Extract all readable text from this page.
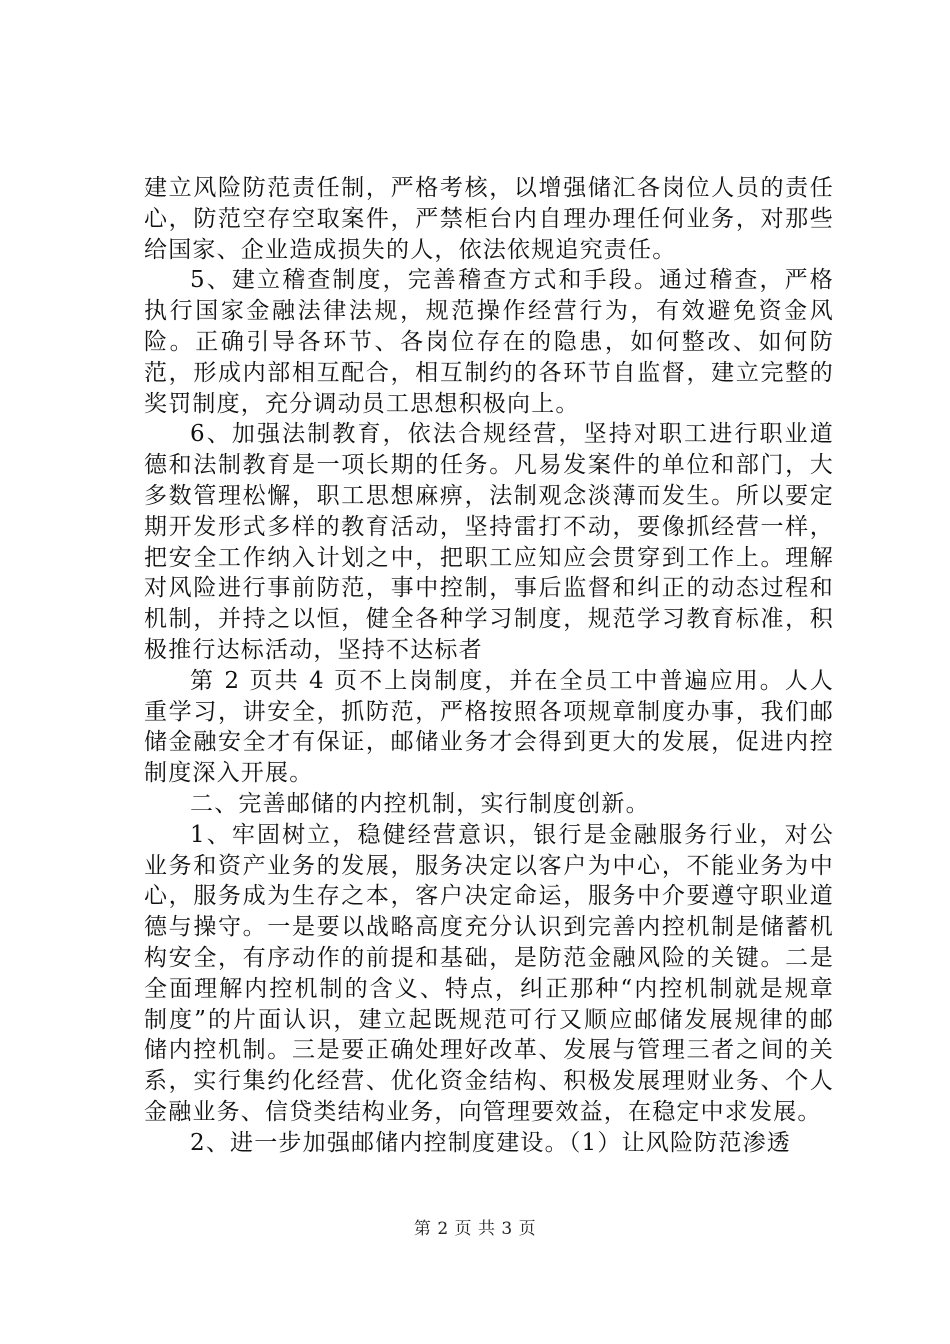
建立风险防范责任制，严格考核，以增强储汇各岗位人员的责任心，防范空存空取案件，严禁柜台内自理办理任何业务，对那些给国家、企业造成损失的人，依法依规追究责任。

5、建立稽查制度，完善稽查方式和手段。通过稽查，严格执行国家金融法律法规，规范操作经营行为，有效避免资金风险。正确引导各环节、各岗位存在的隐患，如何整改、如何防范，形成内部相互配合，相互制约的各环节自监督，建立完整的奖罚制度，充分调动员工思想积极向上。

6、加强法制教育，依法合规经营，坚持对职工进行职业道德和法制教育是一项长期的任务。凡易发案件的单位和部门，大多数管理松懈，职工思想麻痹，法制观念淡薄而发生。所以要定期开发形式多样的教育活动，坚持雷打不动，要像抓经营一样，把安全工作纳入计划之中，把职工应知应会贯穿到工作上。理解对风险进行事前防范，事中控制，事后监督和纠正的动态过程和机制，并持之以恒，健全各种学习制度，规范学习教育标准，积极推行达标活动，坚持不达标者

第 2 页共 4 页不上岗制度，并在全员工中普遍应用。人人重学习，讲安全，抓防范，严格按照各项规章制度办事，我们邮储金融安全才有保证，邮储业务才会得到更大的发展，促进内控制度深入开展。

二、完善邮储的内控机制，实行制度创新。

1、牢固树立，稳健经营意识，银行是金融服务行业，对公业务和资产业务的发展，服务决定以客户为中心，不能业务为中心，服务成为生存之本，客户决定命运，服务中介要遵守职业道德与操守。一是要以战略高度充分认识到完善内控机制是储蓄机构安全，有序动作的前提和基础，是防范金融风险的关键。二是全面理解内控机制的含义、特点，纠正那种“内控机制就是规章制度”的片面认识，建立起既规范可行又顺应邮储发展规律的邮储内控机制。三是要正确处理好改革、发展与管理三者之间的关系，实行集约化经营、优化资金结构、积极发展理财业务、个人金融业务、信贷类结构业务，向管理要效益，在稳定中求发展。

2、进一步加强邮储内控制度建设。（1）让风险防范渗透

第 2 页 共 3 页
